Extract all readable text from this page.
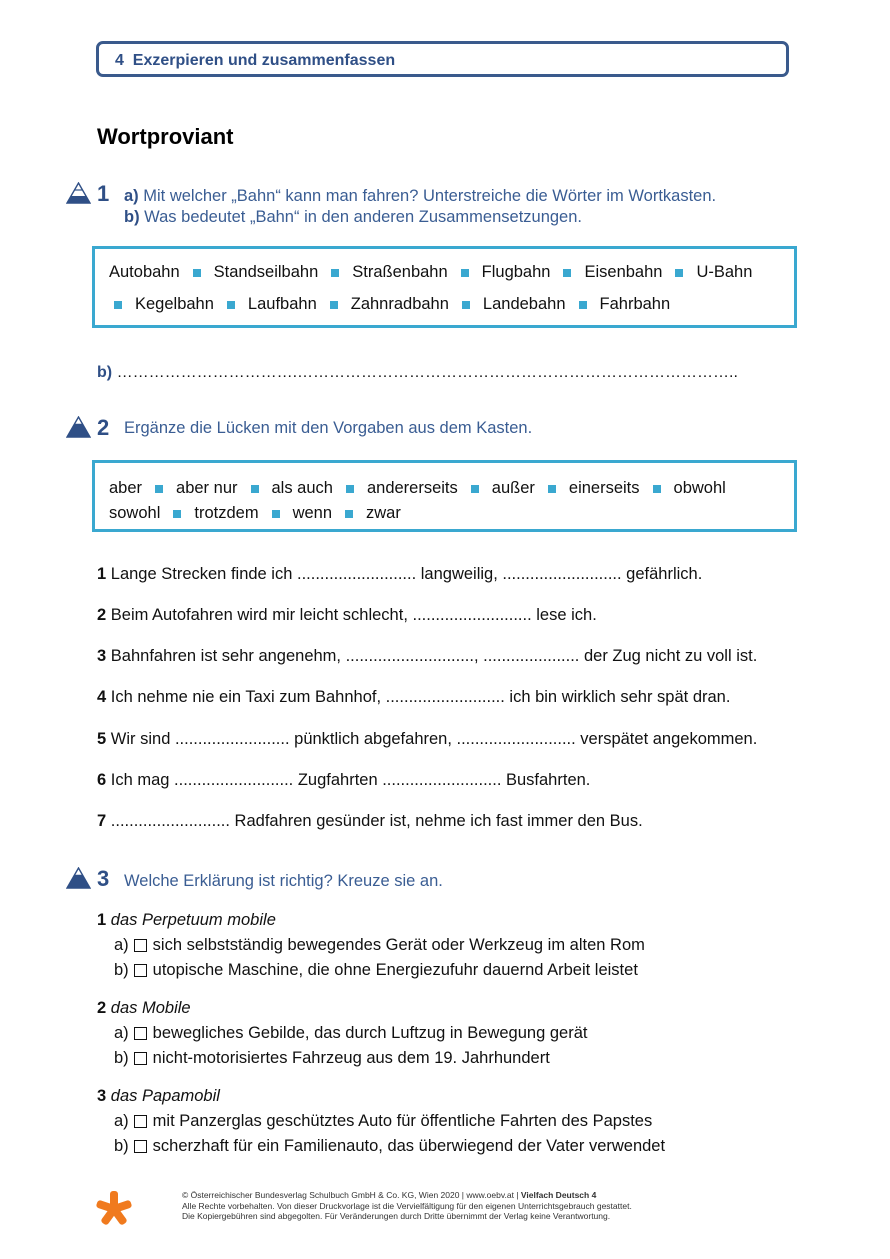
4 Exzerpieren und zusammenfassen
Wortproviant
1 a) Mit welcher „Bahn“ kann man fahren? Unterstreiche die Wörter im Wortkasten.
b) Was bedeutet „Bahn“ in den anderen Zusammensetzungen.
Autobahn Standseilbahn Straßenbahn Flugbahn Eisenbahn U-Bahn
Kegelbahn Laufbahn Zahnradbahn Landebahn Fahrbahn
b) …………………………….………………………………………………………………………..
2 Ergänze die Lücken mit den Vorgaben aus dem Kasten.
aber aber nur als auch andererseits außer einerseits obwohl
sowohl trotzdem wenn zwar
1 Lange Strecken finde ich .......................... langweilig, .......................... gefährlich.
2 Beim Autofahren wird mir leicht schlecht, .......................... lese ich.
3 Bahnfahren ist sehr angenehm, ............................, ..................... der Zug nicht zu voll ist.
4 Ich nehme nie ein Taxi zum Bahnhof, .......................... ich bin wirklich sehr spät dran.
5 Wir sind ......................... pünktlich abgefahren, .......................... verspätet angekommen.
6 Ich mag .......................... Zugfahrten .......................... Busfahrten.
7 .......................... Radfahren gesünder ist, nehme ich fast immer den Bus.
3 Welche Erklärung ist richtig? Kreuze sie an.
1 das Perpetuum mobile
a) sich selbstständig bewegendes Gerät oder Werkzeug im alten Rom
b) utopische Maschine, die ohne Energiezufuhr dauernd Arbeit leistet
2 das Mobile
a) bewegliches Gebilde, das durch Luftzug in Bewegung gerät
b) nicht-motorisiertes Fahrzeug aus dem 19. Jahrhundert
3 das Papamobil
a) mit Panzerglas geschütztes Auto für öffentliche Fahrten des Papstes
b) scherzhaft für ein Familienauto, das überwiegend der Vater verwendet
© Österreichischer Bundesverlag Schulbuch GmbH & Co. KG, Wien 2020 | www.oebv.at | Vielfach Deutsch 4
Alle Rechte vorbehalten. Von dieser Druckvorlage ist die Vervielfältigung für den eigenen Unterrichtsgebrauch gestattet.
Die Kopiergebühren sind abgegolten. Für Veränderungen durch Dritte übernimmt der Verlag keine Verantwortung.
